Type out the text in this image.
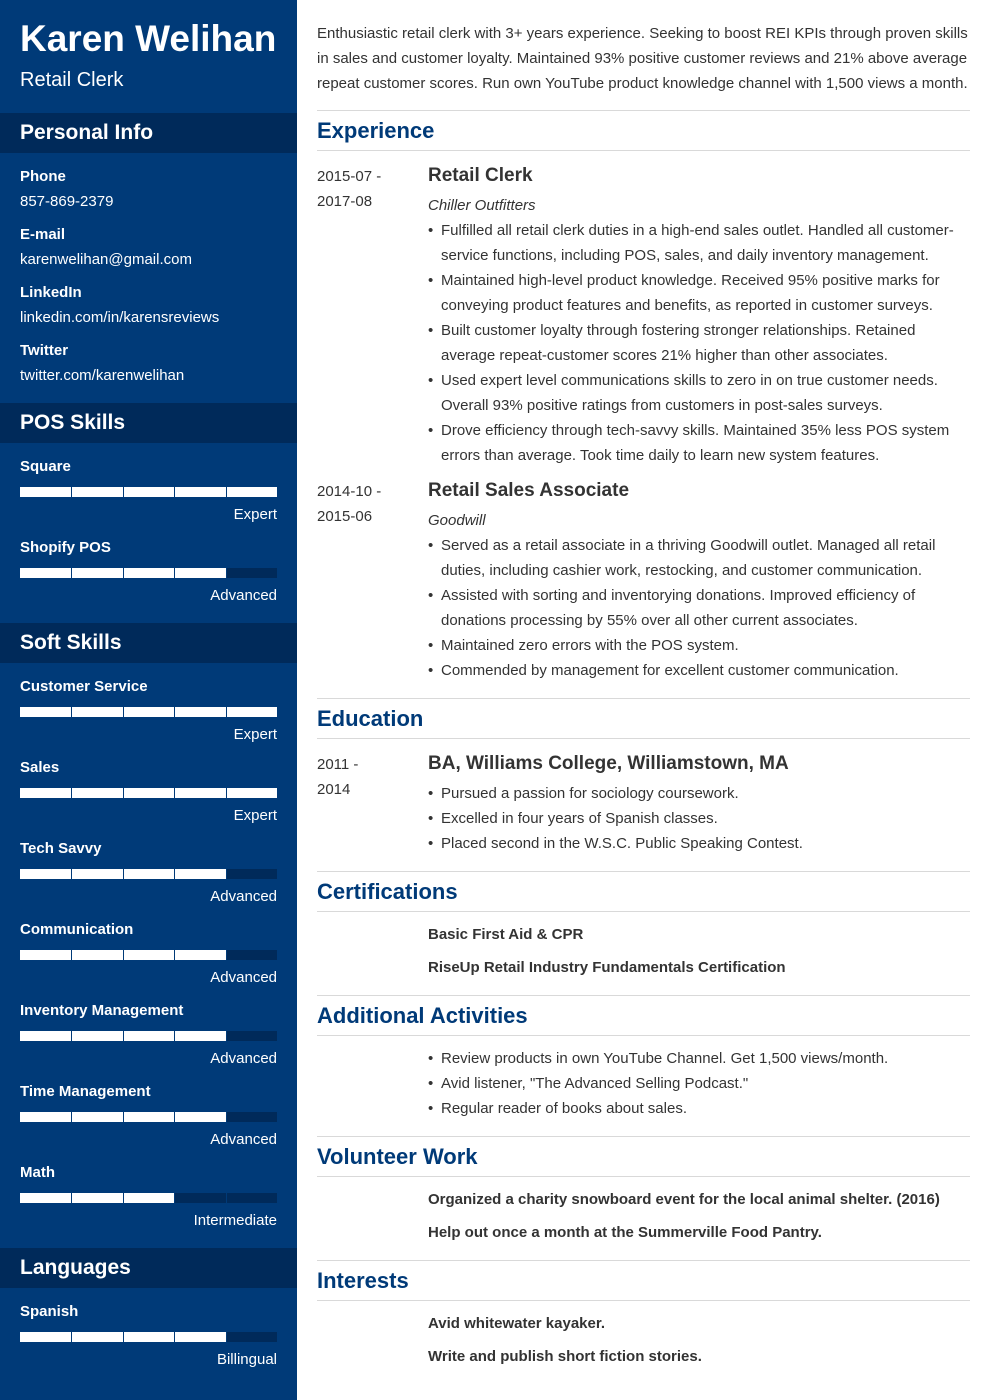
Karen Welihan
Retail Clerk
Personal Info
Phone
857-869-2379
E-mail
karenwelihan@gmail.com
LinkedIn
linkedin.com/in/karensreviews
Twitter
twitter.com/karenwelihan
POS Skills
Square
Expert
Shopify POS
Advanced
Soft Skills
Customer Service
Expert
Sales
Expert
Tech Savvy
Advanced
Communication
Advanced
Inventory Management
Advanced
Time Management
Advanced
Math
Intermediate
Languages
Spanish
Billingual
Enthusiastic retail clerk with 3+ years experience. Seeking to boost REI KPIs through proven skills in sales and customer loyalty. Maintained 93% positive customer reviews and 21% above average repeat customer scores. Run own YouTube product knowledge channel with 1,500 views a month.
Experience
2015-07 -
2017-08
Retail Clerk
Chiller Outfitters
• Fulfilled all retail clerk duties in a high-end sales outlet. Handled all customer-service functions, including POS, sales, and daily inventory management.
• Maintained high-level product knowledge. Received 95% positive marks for conveying product features and benefits, as reported in customer surveys.
• Built customer loyalty through fostering stronger relationships. Retained average repeat-customer scores 21% higher than other associates.
• Used expert level communications skills to zero in on true customer needs. Overall 93% positive ratings from customers in post-sales surveys.
• Drove efficiency through tech-savvy skills. Maintained 35% less POS system errors than average. Took time daily to learn new system features.
2014-10 -
2015-06
Retail Sales Associate
Goodwill
• Served as a retail associate in a thriving Goodwill outlet. Managed all retail duties, including cashier work, restocking, and customer communication.
• Assisted with sorting and inventorying donations. Improved efficiency of donations processing by 55% over all other current associates.
• Maintained zero errors with the POS system.
• Commended by management for excellent customer communication.
Education
2011 -
2014
BA, Williams College, Williamstown, MA
• Pursued a passion for sociology coursework.
• Excelled in four years of Spanish classes.
• Placed second in the W.S.C. Public Speaking Contest.
Certifications
Basic First Aid & CPR
RiseUp Retail Industry Fundamentals Certification
Additional Activities
• Review products in own YouTube Channel. Get 1,500 views/month.
• Avid listener, "The Advanced Selling Podcast."
• Regular reader of books about sales.
Volunteer Work
Organized a charity snowboard event for the local animal shelter. (2016)
Help out once a month at the Summerville Food Pantry.
Interests
Avid whitewater kayaker.
Write and publish short fiction stories.
